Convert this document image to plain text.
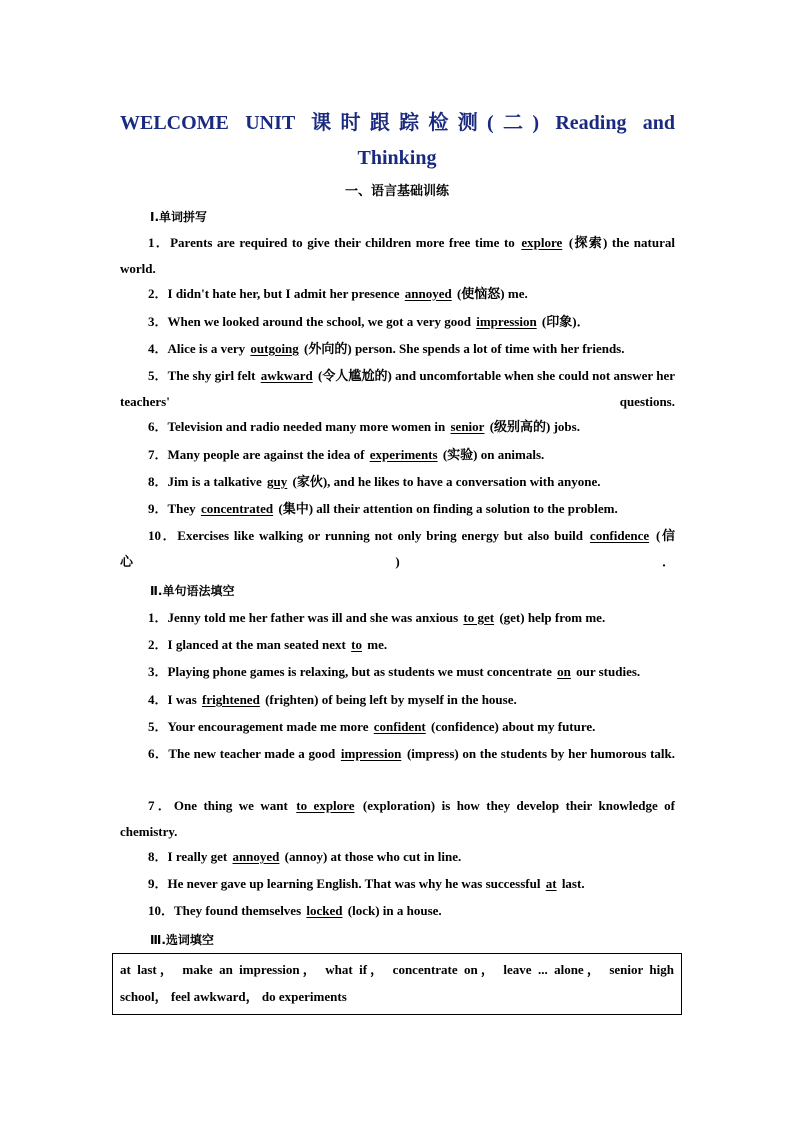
WELCOME UNIT 课时跟踪检测(二) Reading and
Thinking
一、语言基础训练
Ⅰ.单词拼写
1．Parents are required to give their children more free time to explore (探索) the natural world.
2．I didn't hate her, but I admit her presence annoyed (使恼怒) me.
3．When we looked around the school, we got a very good impression (印象)．
4．Alice is a very outgoing (外向的) person. She spends a lot of time with her friends.
5．The shy girl felt awkward (令人尴尬的) and uncomfortable when she could not answer her teachers' questions.
6．Television and radio needed many more women in senior (级别高的) jobs.
7．Many people are against the idea of experiments (实验) on animals.
8．Jim is a talkative guy (家伙), and he likes to have a conversation with anyone.
9．They concentrated (集中) all their attention on finding a solution to the problem.
10．Exercises like walking or running not only bring energy but also build confidence (信心)．
Ⅱ.单句语法填空
1．Jenny told me her father was ill and she was anxious to get (get) help from me.
2．I glanced at the man seated next to me.
3．Playing phone games is relaxing, but as students we must concentrate on our studies.
4．I was frightened (frighten) of being left by myself in the house.
5．Your encouragement made me more confident (confidence) about my future.
6．The new teacher made a good impression (impress) on the students by her humorous talk.
7．One thing we want to explore (exploration) is how they develop their knowledge of chemistry.
8．I really get annoyed (annoy) at those who cut in line.
9．He never gave up learning English. That was why he was successful at last.
10．They found themselves locked (lock) in a house.
Ⅲ.选词填空
at last， make an impression， what if， concentrate on， leave ... alone， senior high
school， feel awkward， do experiments
